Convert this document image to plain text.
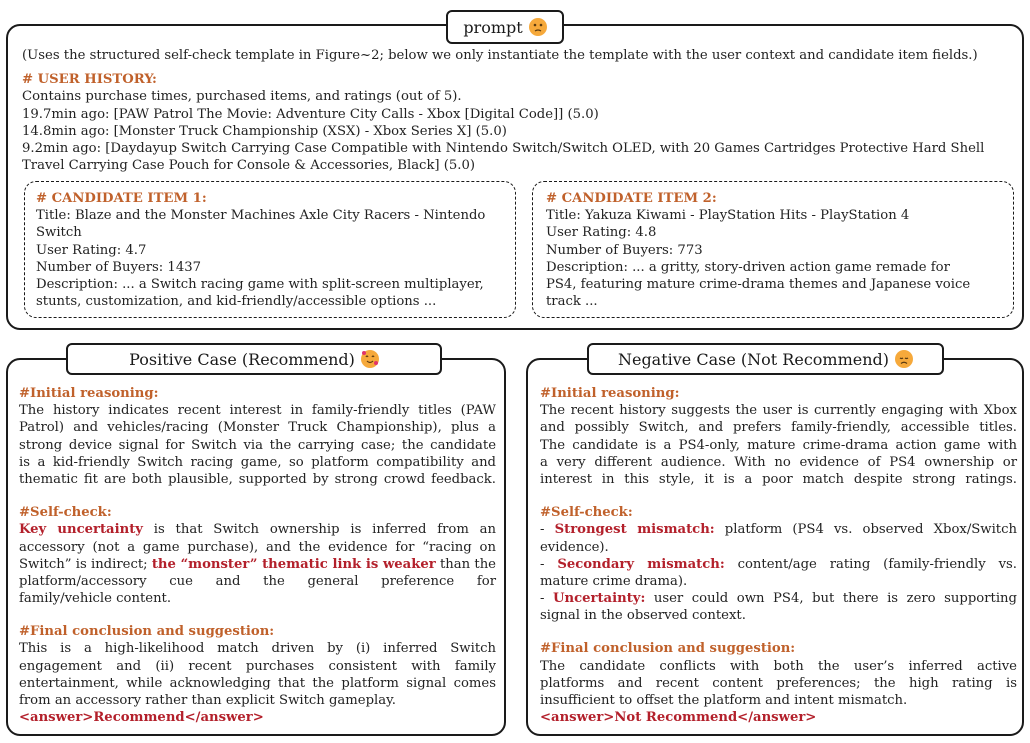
prompt
(Uses the structured self-check template in Figure~2; below we only instantiate the template with the user context and candidate item fields.)
# USER HISTORY:
Contains purchase times, purchased items, and ratings (out of 5).
19.7min ago: [PAW Patrol The Movie: Adventure City Calls - Xbox [Digital Code]] (5.0)
14.8min ago: [Monster Truck Championship (XSX) - Xbox Series X] (5.0)
9.2min ago: [Daydayup Switch Carrying Case Compatible with Nintendo Switch/Switch OLED, with 20 Games Cartridges Protective Hard Shell
Travel Carrying Case Pouch for Console & Accessories, Black] (5.0)
# CANDIDATE ITEM 1:
Title: Blaze and the Monster Machines Axle City Racers - Nintendo
Switch
User Rating: 4.7
Number of Buyers: 1437
Description: ... a Switch racing game with split-screen multiplayer,
stunts, customization, and kid-friendly/accessible options ...
# CANDIDATE ITEM 2:
Title: Yakuza Kiwami - PlayStation Hits - PlayStation 4
User Rating: 4.8
Number of Buyers: 773
Description: ... a gritty, story-driven action game remade for
PS4, featuring mature crime-drama themes and Japanese voice
track ...
Positive Case (Recommend)
#Initial reasoning:
The history indicates recent interest in family-friendly titles (PAW
Patrol) and vehicles/racing (Monster Truck Championship), plus a
strong device signal for Switch via the carrying case; the candidate
is a kid-friendly Switch racing game, so platform compatibility and
thematic fit are both plausible, supported by strong crowd feedback.
#Self-check:
Key uncertainty is that Switch ownership is inferred from an
accessory (not a game purchase), and the evidence for “racing on
Switch” is indirect; the “monster” thematic link is weaker than the
platform/accessory cue and the general preference for
family/vehicle content.
#Final conclusion and suggestion:
This is a high-likelihood match driven by (i) inferred Switch
engagement and (ii) recent purchases consistent with family
entertainment, while acknowledging that the platform signal comes
from an accessory rather than explicit Switch gameplay.
<answer>Recommend</answer>
Negative Case (Not Recommend)
#Initial reasoning:
The recent history suggests the user is currently engaging with Xbox
and possibly Switch, and prefers family-friendly, accessible titles.
The candidate is a PS4-only, mature crime-drama action game with
a very different audience. With no evidence of PS4 ownership or
interest in this style, it is a poor match despite strong ratings.
#Self-check:
- Strongest mismatch: platform (PS4 vs. observed Xbox/Switch
evidence).
- Secondary mismatch: content/age rating (family-friendly vs.
mature crime drama).
- Uncertainty: user could own PS4, but there is zero supporting
signal in the observed context.
#Final conclusion and suggestion:
The candidate conflicts with both the user’s inferred active
platforms and recent content preferences; the high rating is
insufficient to offset the platform and intent mismatch.
<answer>Not Recommend</answer>
